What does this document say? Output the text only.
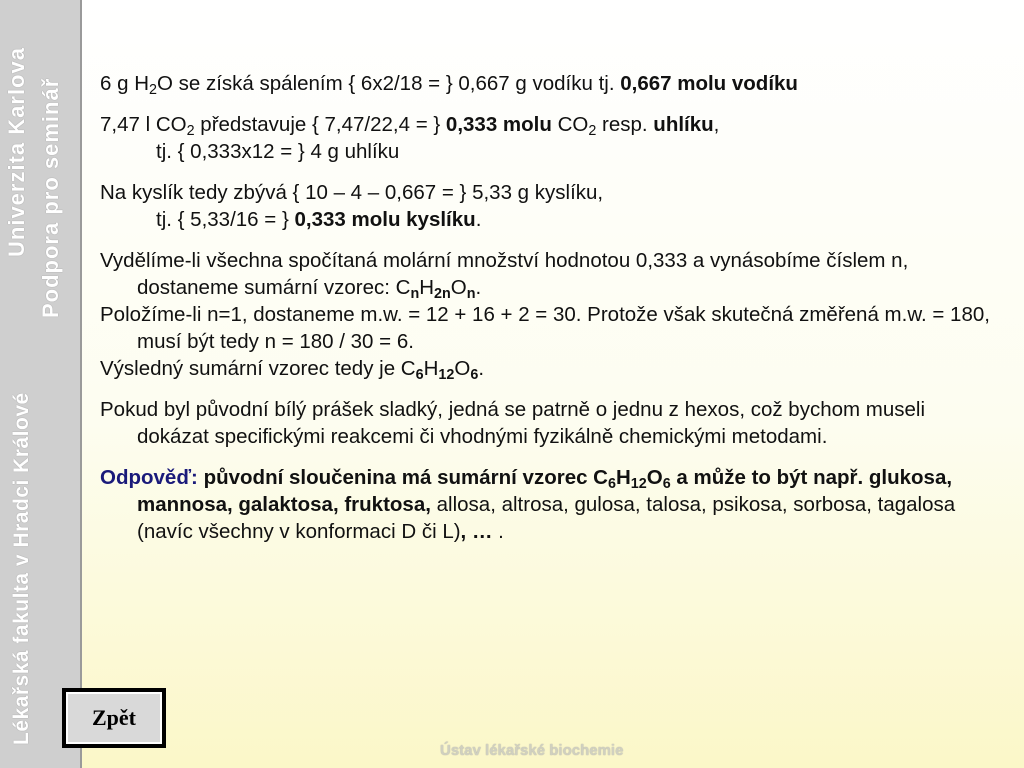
Univerzita Karlova Podpora pro seminář
Lékařská fakulta v Hradci Králové

6 g $H_2O$ se získá spálením { 6x2/18 = } 0,667 g vodíku tj. 0,667 molu vodíku

7,47 l $CO_2$ představuje { 7,47/22,4 = } 0,333 molu $CO_2$ resp. uhlíku,

tj. { 0,333x12 = } 4 g uhlíku

Na kyslík tedy zbývá { 10 – 4 – 0,667 = } 5,33 g kyslíku,

tj. { 5,33/16 = } 0,333 molu kyslíku.

Vydělíme-li všechna spočítaná molární množství hodnotou 0,333 a vynásobíme číslem n, dostaneme sumární vzorec: $C_nH_{2n}O_n$.

Položíme-li n=1, dostaneme m.w. = 12 + 16 + 2 = 30. Protože však skutečná změřená m.w. = 180, musí být tedy n = 180 / 30 = 6.

Výsledný sumární vzorec tedy je $C_6H_{12}O_6$.

Pokud byl původní bílý prášek sladký, jedná se patrně o jednu z hexos, což bychom museli dokázat specifickými reakcemi či vhodnými fyzikálně chemickými metodami.

Odpověď: původní sloučenina má sumární vzorec $C_6H_{12}O_6$ a může to být např. glukosa, mannosa, galaktosa, fruktosa, allosa, altrosa, gulosa, talosa, psikosa, sorbosa, tagalosa (navíc všechny v konformaci D či L), … .

Zpět
Ústav lékařské biochemie
